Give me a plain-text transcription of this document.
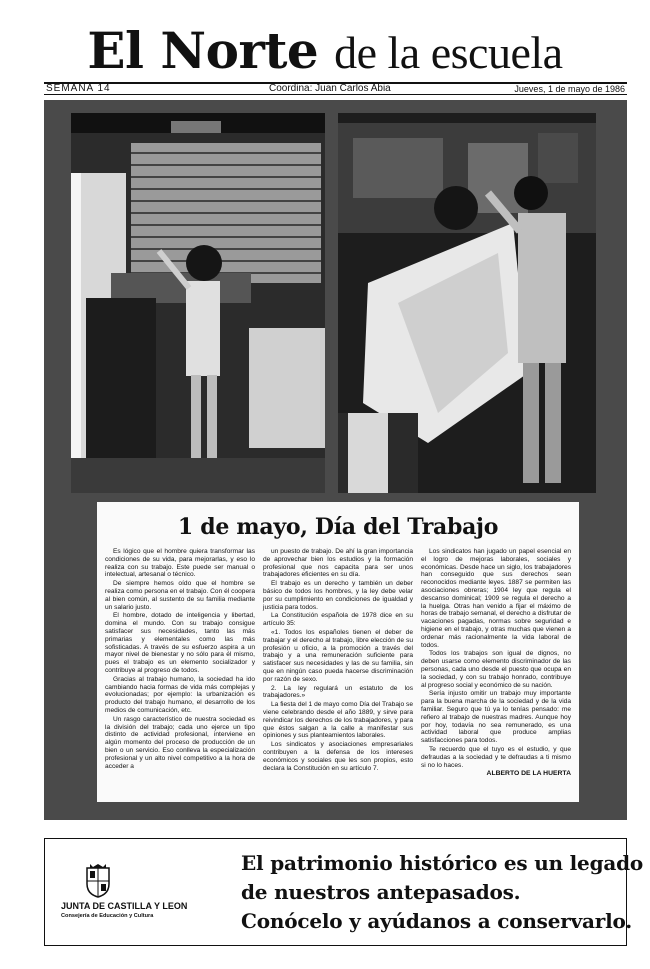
El Norte de la escuela
SEMANA 14	Coordina: Juan Carlos Abia	Jueves, 1 de mayo de 1986
1 de mayo, Día del Trabajo

Es lógico que el hombre quiera transformar las condiciones de su vida, para mejorarlas, y eso lo realiza con su trabajo. Este puede ser manual o intelectual, artesanal o técnico.

De siempre hemos oído que el hombre se realiza como persona en el trabajo. Con él coopera al bien común, al sustento de su familia mediante un salario justo.

El hombre, dotado de inteligencia y libertad, domina el mundo. Con su trabajo consigue satisfacer sus necesidades, tanto las más primarias y elementales como las más sofisticadas. A través de su esfuerzo aspira a un mayor nivel de bienestar y no sólo para él mismo, pues el trabajo es un elemento socializador y contribuye al progreso de todos.

Gracias al trabajo humano, la sociedad ha ido cambiando hacia formas de vida más complejas y evolucionadas; por ejemplo: la urbanización es producto del trabajo humano, el desarrollo de los medios de comunicación, etc.

Un rasgo característico de nuestra sociedad es la división del trabajo; cada uno ejerce un tipo distinto de actividad profesional, interviene en algún momento del proceso de producción de un bien o un servicio. Eso conlleva la especialización profesional y un alto nivel competitivo a la hora de acceder a

un puesto de trabajo. De ahí la gran importancia de aprovechar bien los estudios y la formación profesional que nos capacita para ser unos trabajadores eficientes en su día.

El trabajo es un derecho y también un deber básico de todos los hombres, y la ley debe velar por su cumplimiento en condiciones de igualdad y justicia para todos.

La Constitución española de 1978 dice en su artículo 35:

«1. Todos los españoles tienen el deber de trabajar y el derecho al trabajo, libre elección de su profesión u oficio, a la promoción a través del trabajo y a una remuneración suficiente para satisfacer sus necesidades y las de su familia, sin que en ningún caso pueda hacerse discriminación por razón de sexo.

2. La ley regulará un estatuto de los trabajadores.»

La fiesta del 1 de mayo como Día del Trabajo se viene celebrando desde el año 1889, y sirve para reivindicar los derechos de los trabajadores, y para que éstos salgan a la calle a manifestar sus opiniones y sus planteamientos laborales.

Los sindicatos y asociaciones empresariales contribuyen a la defensa de los intereses económicos y sociales que les son propios, esto declara la Constitución en su artículo 7.

Los sindicatos han jugado un papel esencial en el logro de mejoras laborales, sociales y económicas. Desde hace un siglo, los trabajadores han conseguido que sus derechos sean reconocidos mediante leyes. 1887 se permiten las asociaciones obreras; 1904 ley que regula el descanso dominical; 1909 se regula el derecho a la huelga. Otras han venido a fijar el máximo de horas de trabajo semanal, el derecho a disfrutar de vacaciones pagadas, normas sobre seguridad e higiene en el trabajo, y otras muchas que vienen a ordenar más racionalmente la vida laboral de todos.

Todos los trabajos son igual de dignos, no deben usarse como elemento discriminador de las personas, cada uno desde el puesto que ocupa en la sociedad, y con su trabajo honrado, contribuye al progreso social y económico de su nación.

Sería injusto omitir un trabajo muy importante para la buena marcha de la sociedad y de la vida familiar. Seguro que tú ya lo tenías pensado: me refiero al trabajo de nuestras madres. Aunque hoy por hoy, todavía no sea remunerado, es una actividad laboral que produce amplias satisfacciones para todos.

Te recuerdo que el tuyo es el estudio, y que defraudas a la sociedad y te defraudas a ti mismo si no lo haces.

ALBERTO DE LA HUERTA
JUNTA DE CASTILLA Y LEON
Consejería de Educación y Cultura
El patrimonio histórico es un legado
de nuestros antepasados.
Conócelo y ayúdanos a conservarlo.
